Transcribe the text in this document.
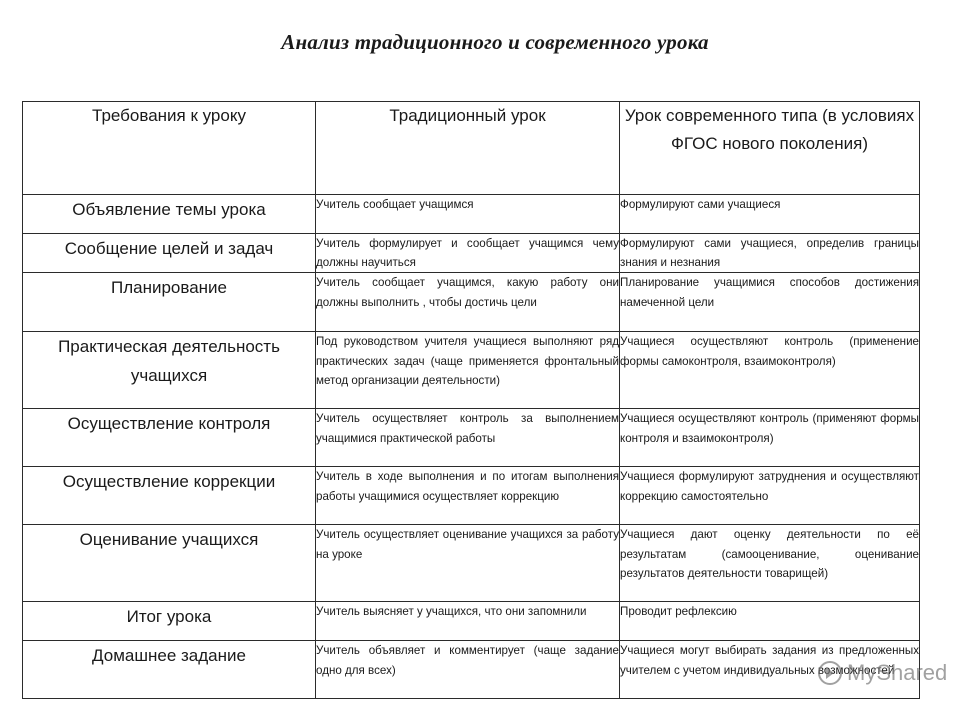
Анализ традиционного и современного урока
Требования к уроку	Традиционный урок	Урок современного типа (в условиях ФГОС нового поколения)
Объявление темы урока	Учитель сообщает учащимся	Формулируют сами учащиеся
Сообщение целей и задач	Учитель формулирует и сообщает учащимся чему должны научиться	Формулируют сами учащиеся, определив границы знания и незнания
Планирование	Учитель сообщает учащимся, какую работу они должны выполнить , чтобы достичь цели	Планирование учащимися способов достижения намеченной цели
Практическая деятельность учащихся	Под руководством учителя учащиеся выполняют ряд практических задач (чаще применяется фронтальный метод организации деятельности)	Учащиеся осуществляют контроль (применение формы самоконтроля, взаимоконтроля)
Осуществление контроля	Учитель осуществляет контроль за выполнением учащимися практической работы	Учащиеся осуществляют контроль (применяют формы контроля и взаимоконтроля)
Осуществление коррекции	Учитель в ходе выполнения и по итогам выполнения работы учащимися осуществляет коррекцию	Учащиеся формулируют затруднения и осуществляют коррекцию самостоятельно
Оценивание учащихся	Учитель осуществляет оценивание учащихся за работу на уроке	Учащиеся дают оценку деятельности по её результатам (самооценивание, оценивание результатов деятельности товарищей)
Итог урока	Учитель выясняет у учащихся, что они запомнили	Проводит рефлексию
Домашнее задание	Учитель объявляет и комментирует (чаще задание одно для всех)	Учащиеся могут выбирать задания из предложенных учителем с учетом индивидуальных возможностей
MyShared
